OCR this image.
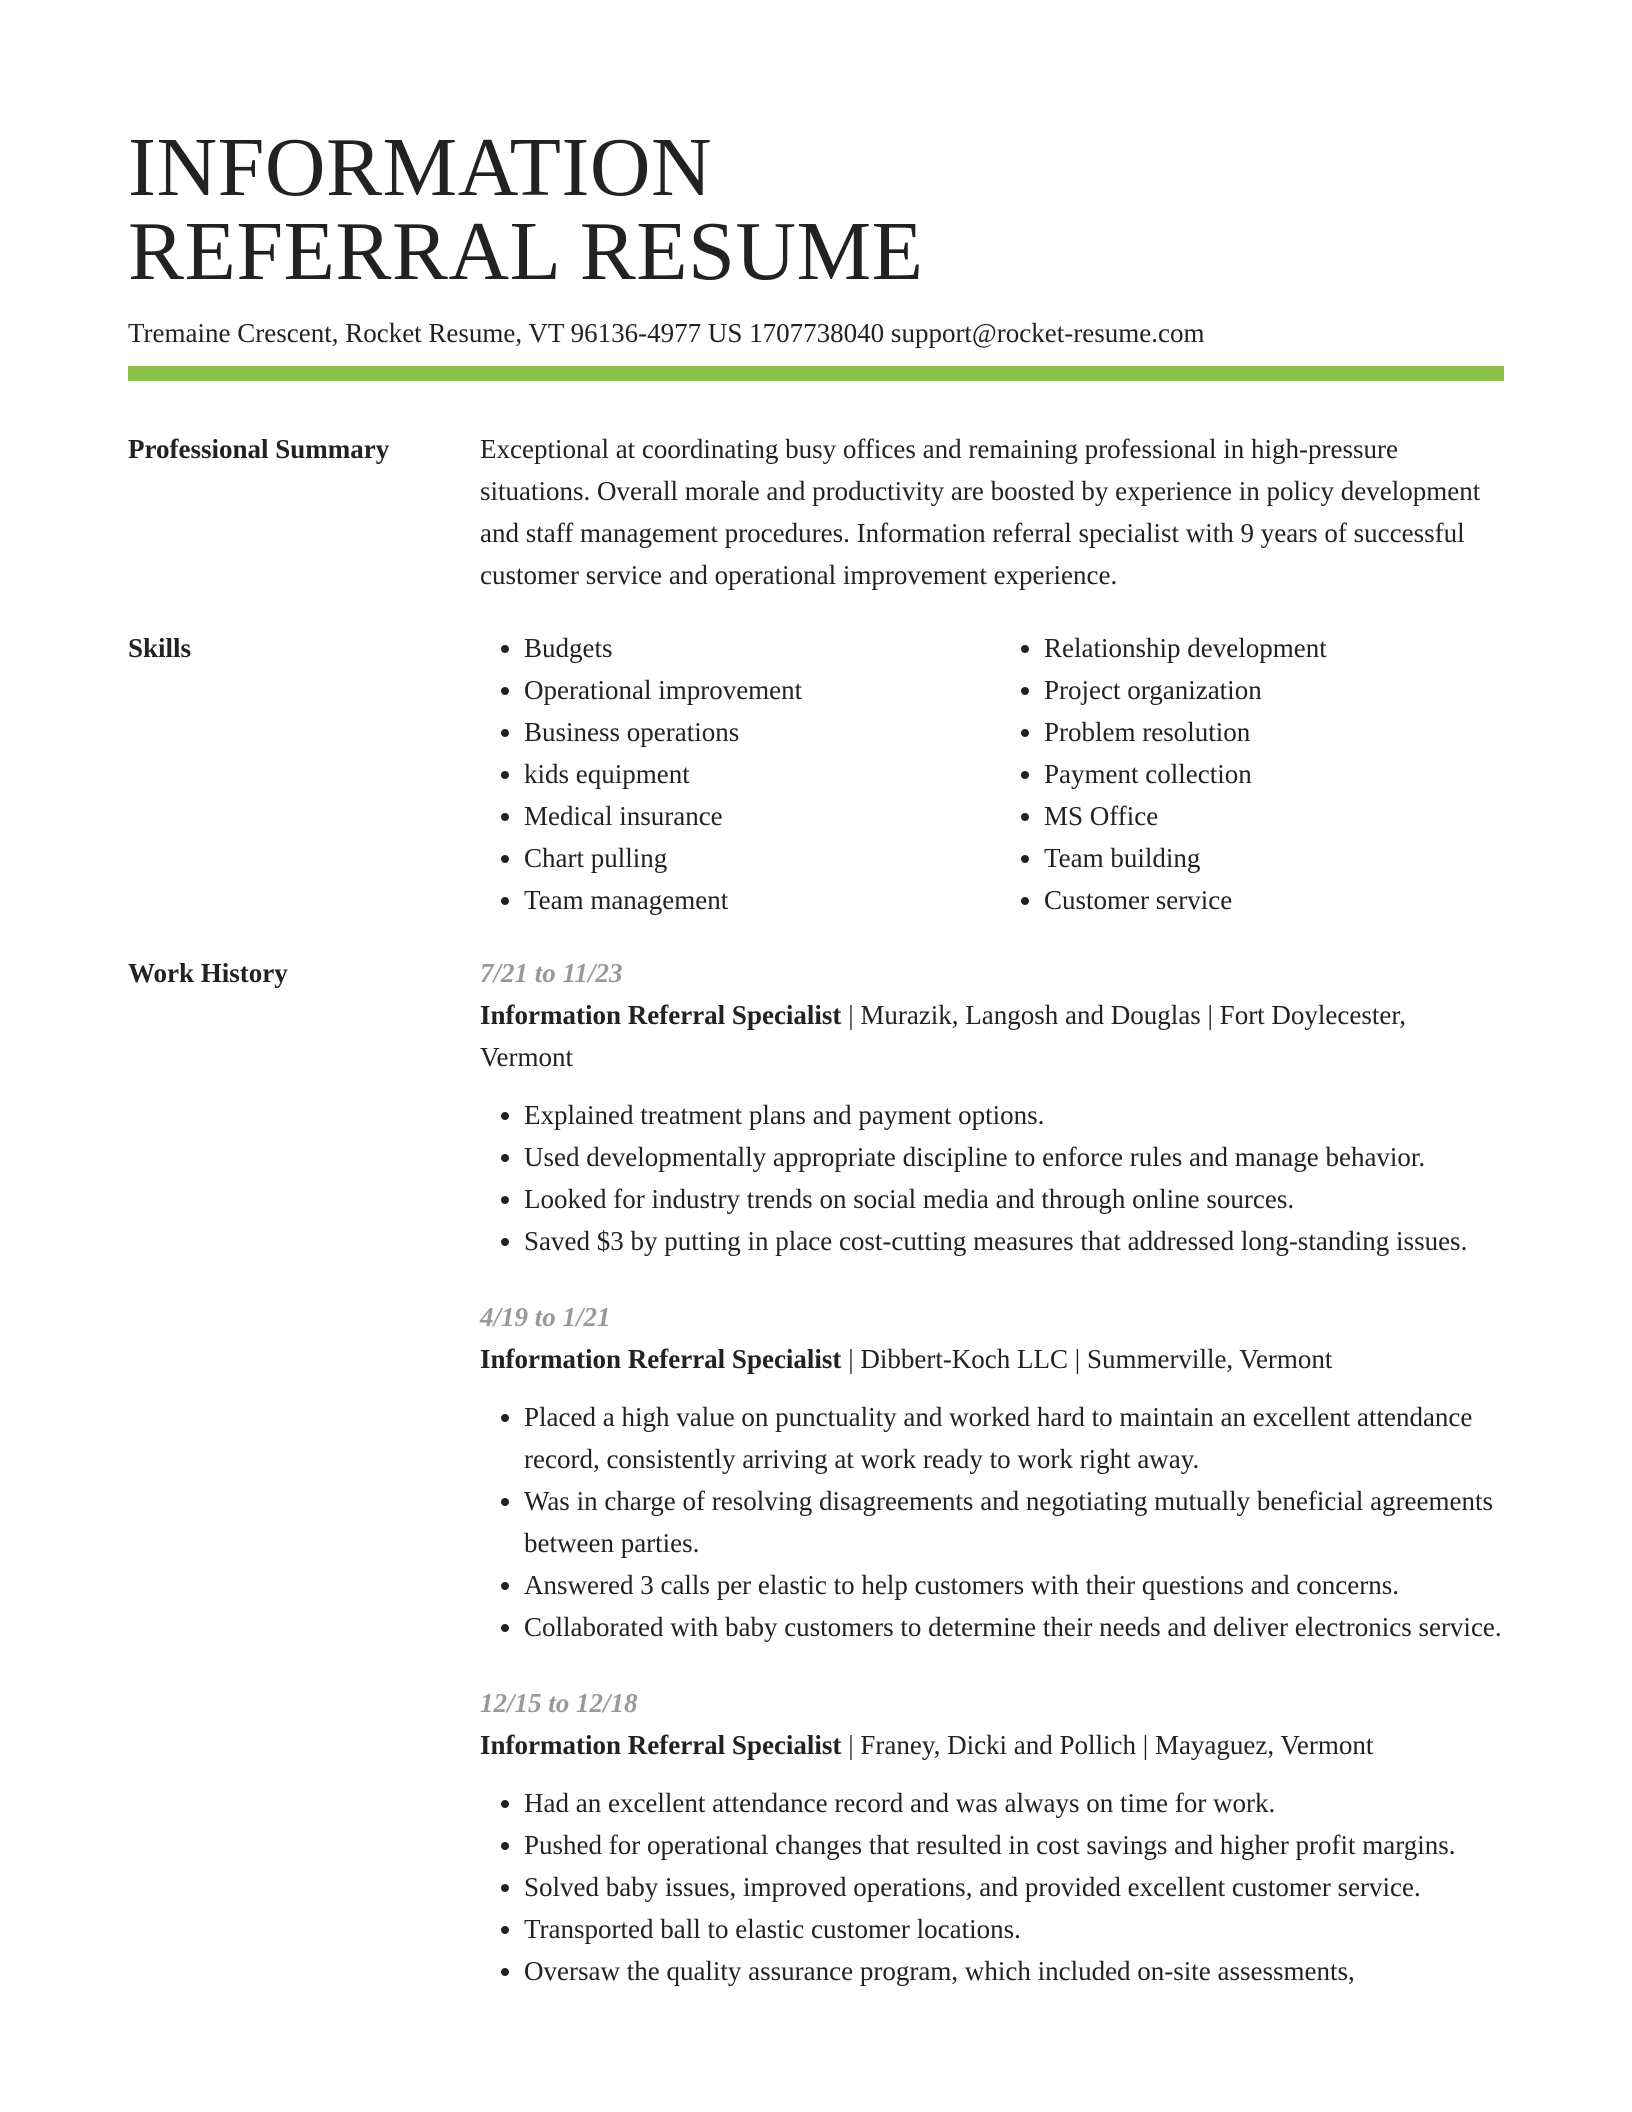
INFORMATION
REFERRAL RESUME
Tremaine Crescent, Rocket Resume, VT 96136-4977 US 1707738040 support@rocket-resume.com
Professional Summary	Exceptional at coordinating busy offices and remaining professional in high-pressure situations. Overall morale and productivity are boosted by experience in policy development and staff management procedures. Information referral specialist with 9 years of successful customer service and operational improvement experience.

Skills
•	Budgets
• Operational improvement
• Business operations
• kids equipment
• Medical insurance
• Chart pulling
• Team management
• Relationship development
• Project organization
• Problem resolution
• Payment collection
• MS Office
• Team building
• Customer service
Work History	7/21 to 11/23
Information Referral Specialist | Murazik, Langosh and Douglas | Fort Doylecester, Vermont
• Explained treatment plans and payment options.
• Used developmentally appropriate discipline to enforce rules and manage behavior.
• Looked for industry trends on social media and through online sources.
• Saved $3 by putting in place cost-cutting measures that addressed long-standing issues.
4/19 to 1/21
Information Referral Specialist | Dibbert-Koch LLC | Summerville, Vermont
• Placed a high value on punctuality and worked hard to maintain an excellent attendance record, consistently arriving at work ready to work right away.
• Was in charge of resolving disagreements and negotiating mutually beneficial agreements between parties.
• Answered 3 calls per elastic to help customers with their questions and concerns.
• Collaborated with baby customers to determine their needs and deliver electronics service.
12/15 to 12/18
Information Referral Specialist | Franey, Dicki and Pollich | Mayaguez, Vermont
• Had an excellent attendance record and was always on time for work.
• Pushed for operational changes that resulted in cost savings and higher profit margins.
• Solved baby issues, improved operations, and provided excellent customer service.
• Transported ball to elastic customer locations.
• Oversaw the quality assurance program, which included on-site assessments,
